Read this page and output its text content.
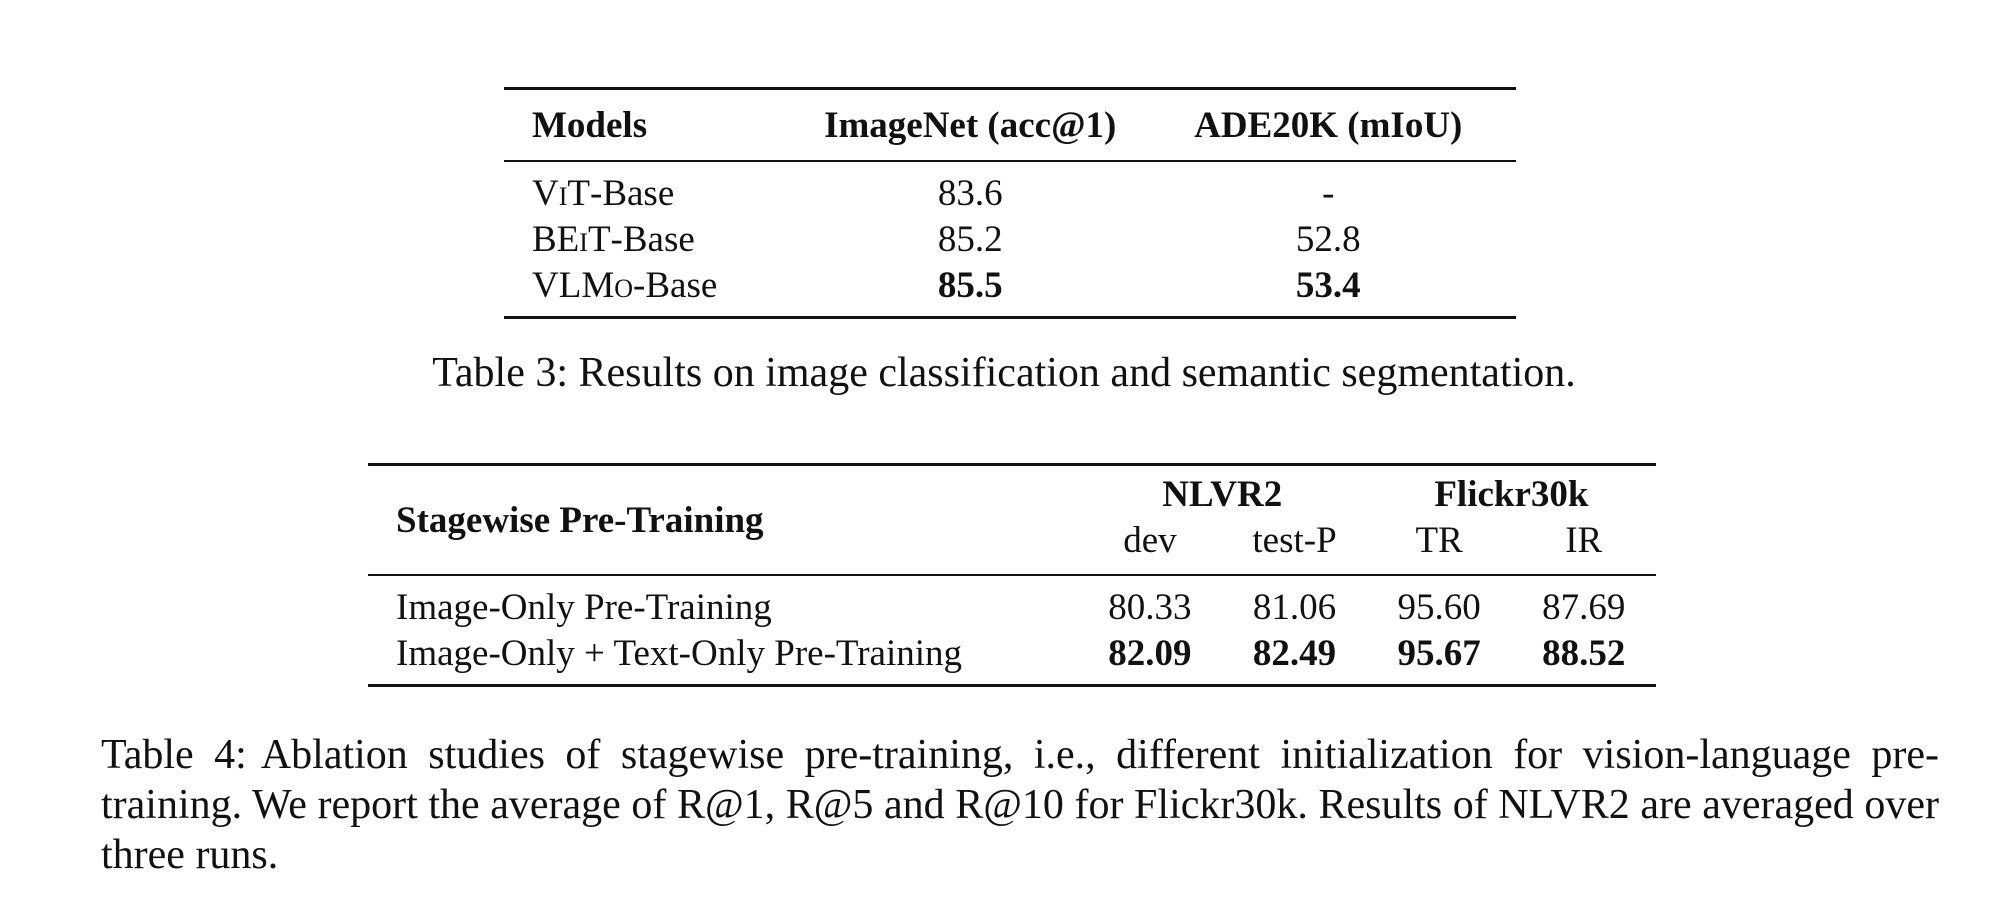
Models	ImageNet (acc@1)	ADE20K (mIoU)
ViT-Base	83.6	-
BEiT-Base	85.2	52.8
VLMo-Base	85.5	53.4
Table 3: Results on image classification and semantic segmentation.
Stagewise Pre-Training	NLVR2		Flickr30k	
	dev	test-P	TR	IR
Image-Only Pre-Training	80.33	81.06	95.60	87.69
Image-Only + Text-Only Pre-Training	82.09	82.49	95.67	88.52
Table 4: Ablation studies of stagewise pre-training, i.e., different initialization for vision-language pre-training. We report the average of R@1, R@5 and R@10 for Flickr30k. Results of NLVR2 are averaged over three runs.
